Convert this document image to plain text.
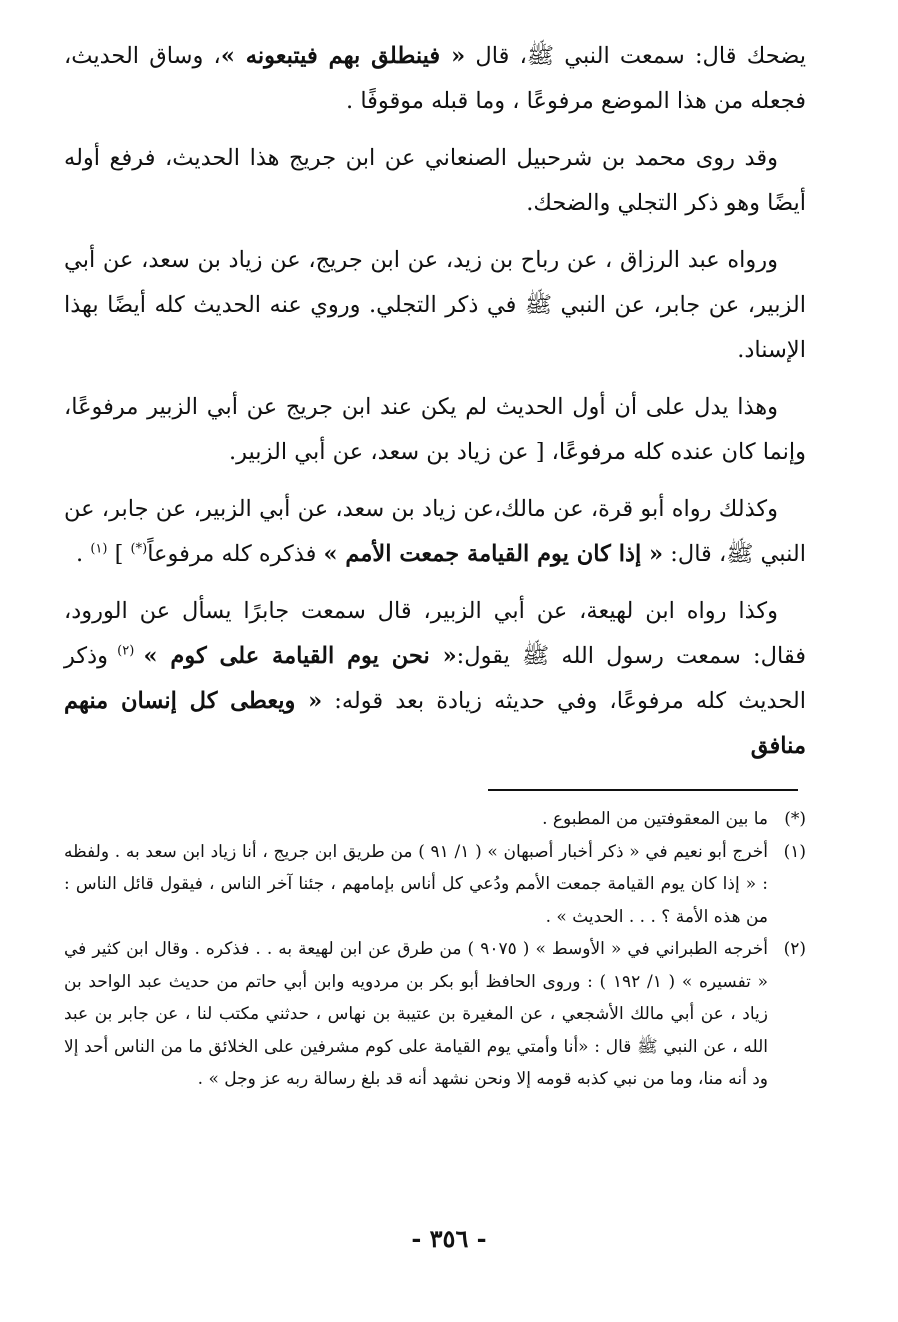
يضحك قال: سمعت النبي ﷺ، قال « فينطلق بهم فيتبعونه »، وساق الحديث، فجعله من هذا الموضع مرفوعًا ، وما قبله موقوفًا .

وقد روى محمد بن شرحبيل الصنعاني عن ابن جريج هذا الحديث، فرفع أوله أيضًا وهو ذكر التجلي والضحك.

ورواه عبد الرزاق ، عن رباح بن زيد، عن ابن جريج، عن زياد بن سعد، عن أبي الزبير، عن جابر، عن النبي ﷺ في ذكر التجلي. وروي عنه الحديث كله أيضًا بهذا الإسناد.

وهذا يدل على أن أول الحديث لم يكن عند ابن جريج عن أبي الزبير مرفوعًا، وإنما كان عنده كله مرفوعًا، [ عن زياد بن سعد، عن أبي الزبير.

وكذلك رواه أبو قرة، عن مالك،عن زياد بن سعد، عن أبي الزبير، عن جابر، عن النبي ﷺ، قال: « إذا كان يوم القيامة جمعت الأمم » فذكره كله مرفوعاً(*) ] $^{(١)}$ .

وكذا رواه ابن لهيعة، عن أبي الزبير، قال سمعت جابرًا يسأل عن الورود، فقال: سمعت رسول الله ﷺ يقول:« نحن يوم القيامة على كوم » $^{(٢)}$ وذكر الحديث كله مرفوعًا، وفي حديثه زيادة بعد قوله: « ويعطى كل إنسان منهم منافق

(*)
ما بين المعقوفتين من المطبوع .
(١)
أخرج أبو نعيم في « ذكر أخبار أصبهان » ( ١/ ٩١ ) من طريق ابن جريج ، أنا زياد ابن سعد به . ولفظه : « إذا كان يوم القيامة جمعت الأمم ودُعي كل أناس بإمامهم ، جئنا آخر الناس ، فيقول قائل الناس : من هذه الأمة ؟ . . . الحديث » .
(٢)
أخرجه الطبراني في « الأوسط » ( ٩٠٧٥ ) من طرق عن ابن لهيعة به . . فذكره . وقال ابن كثير في « تفسيره » ( ١/ ١٩٢ ) : وروى الحافظ أبو بكر بن مردويه وابن أبي حاتم من حديث عبد الواحد بن زياد ، عن أبي مالك الأشجعي ، عن المغيرة بن عتيبة بن نهاس ، حدثني مكتب لنا ، عن جابر بن عبد الله ، عن النبي ﷺ قال : «أنا وأمتي يوم القيامة على كوم مشرفين على الخلائق ما من الناس أحد إلا ود أنه منا، وما من نبي كذبه قومه إلا ونحن نشهد أنه قد بلغ رسالة ربه عز وجل » .
- ٣٥٦ -
